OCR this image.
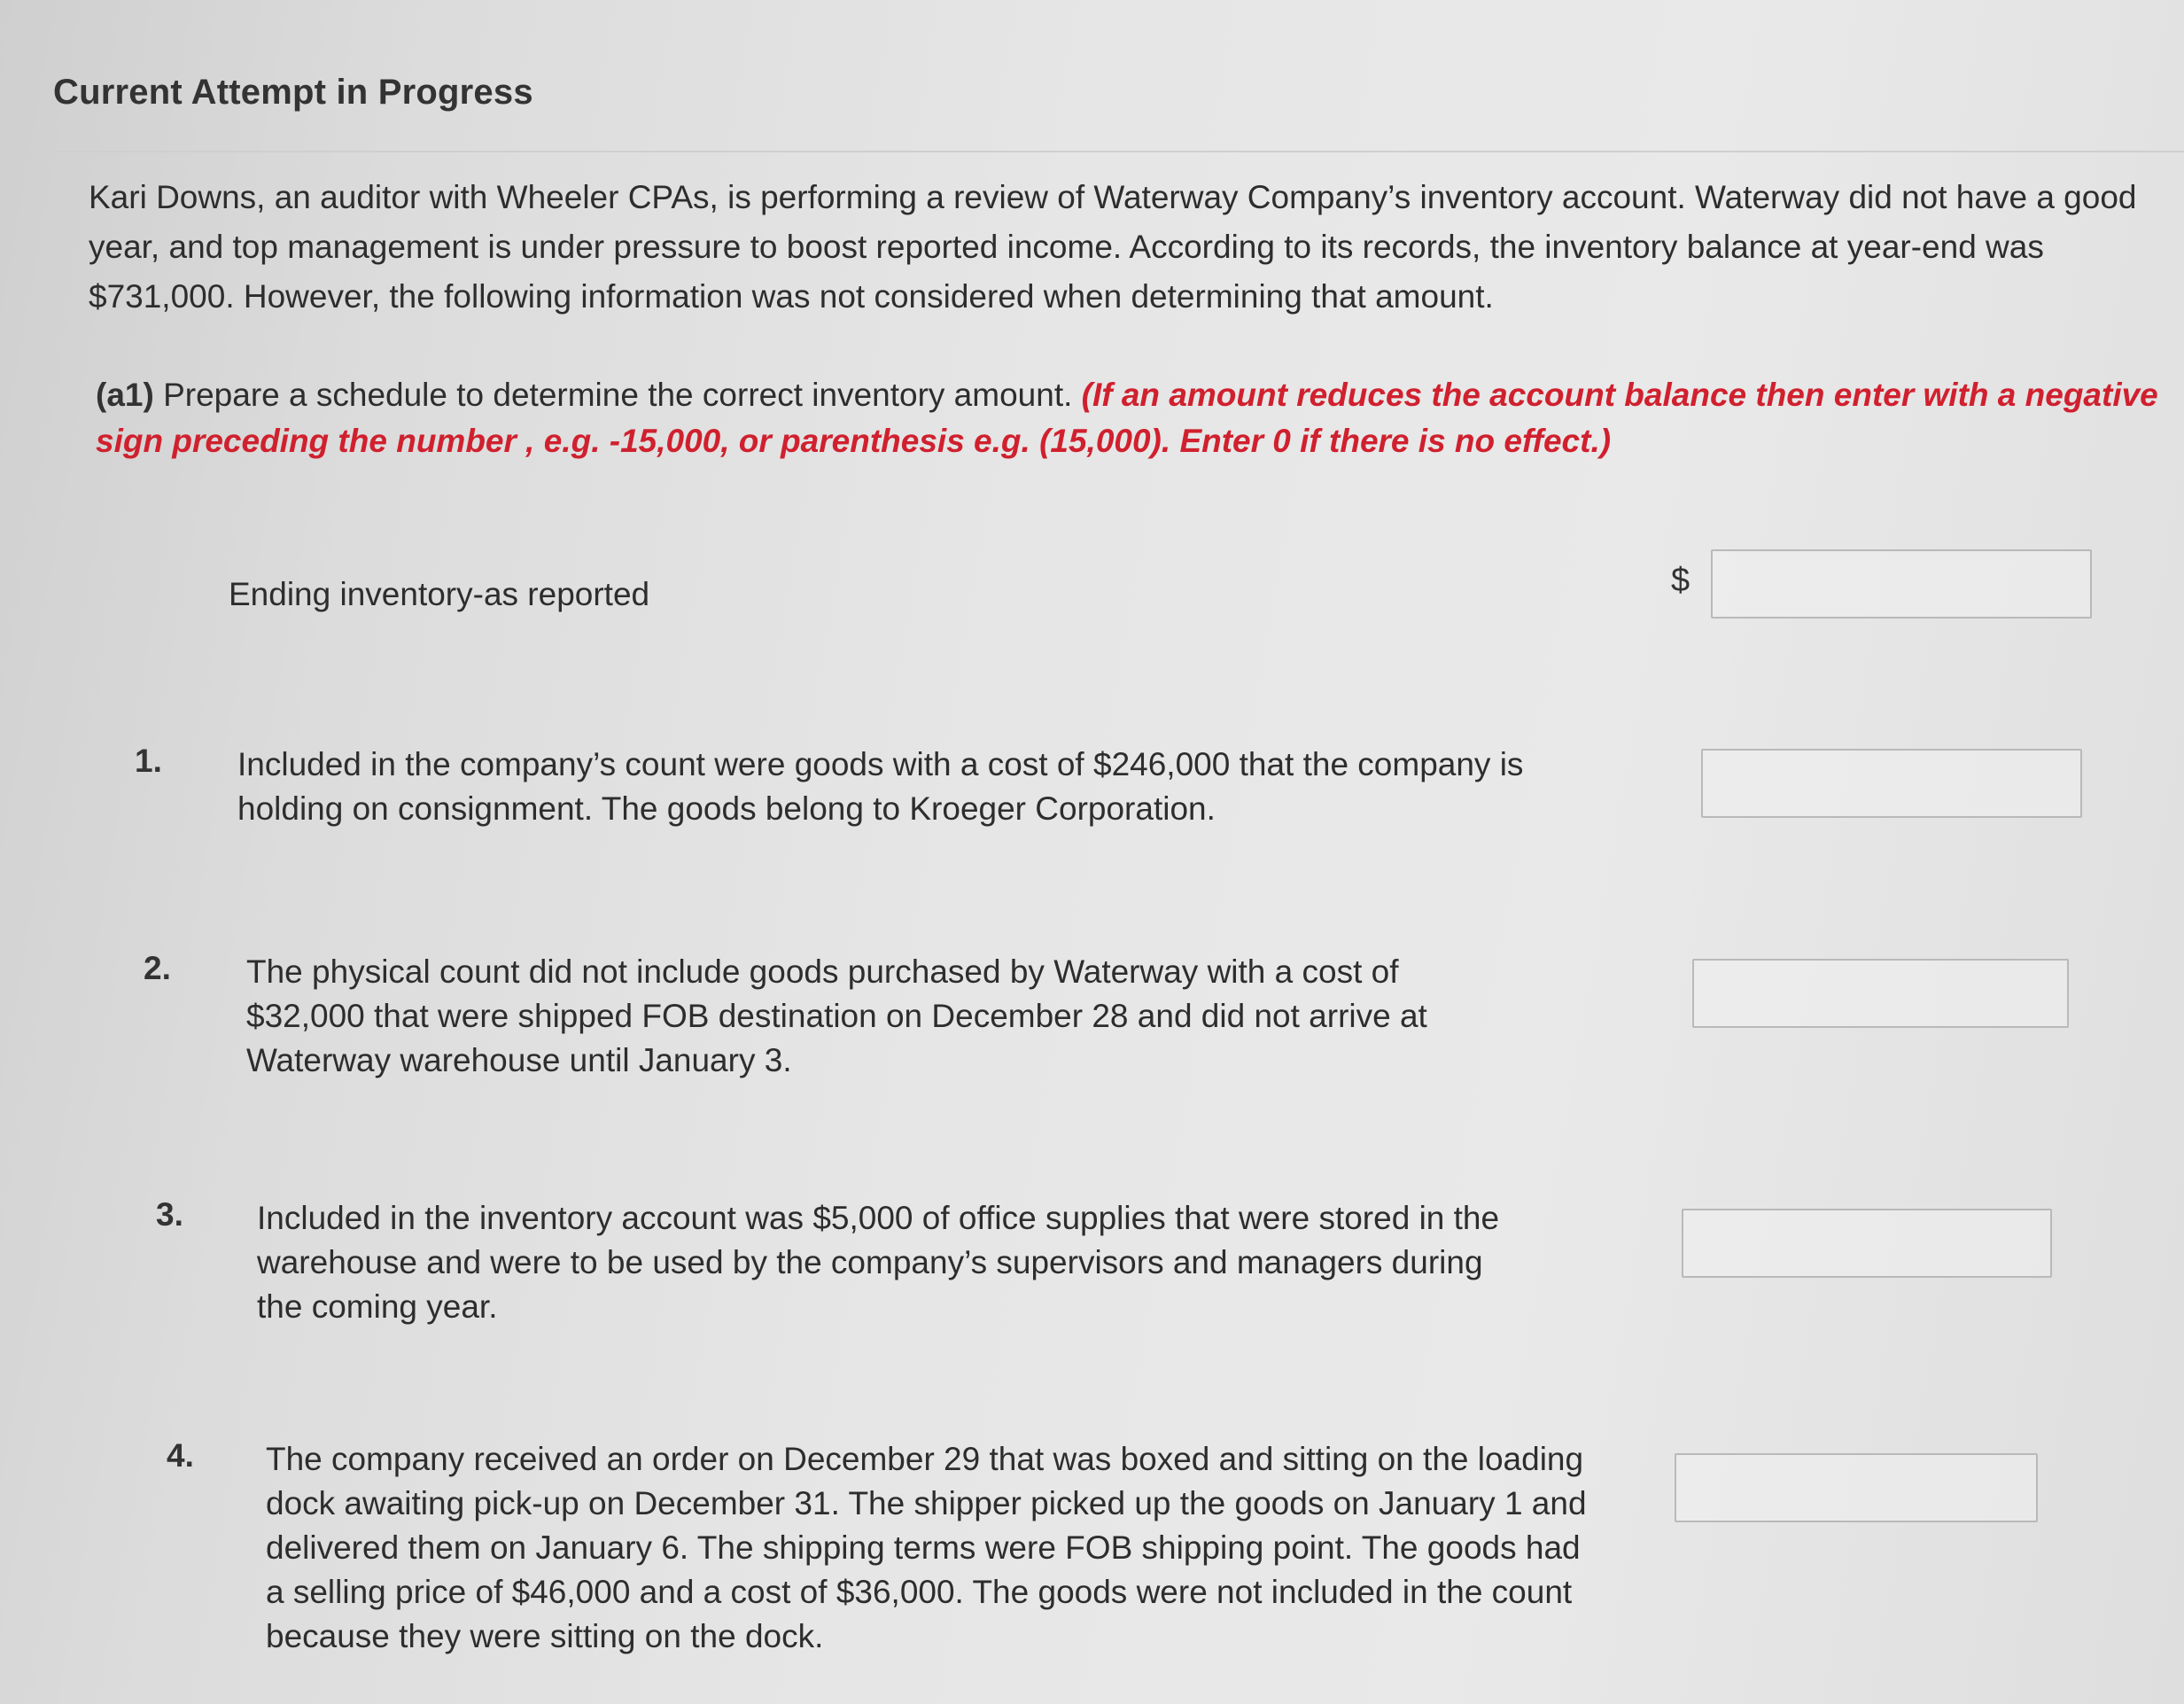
Current Attempt in Progress

Kari Downs, an auditor with Wheeler CPAs, is performing a review of Waterway Company’s inventory account. Waterway did not have a good year, and top management is under pressure to boost reported income. According to its records, the inventory balance at year-end was $731,000. However, the following information was not considered when determining that amount.

(a1) Prepare a schedule to determine the correct inventory amount. (If an amount reduces the account balance then enter with a negative sign preceding the number , e.g. -15,000, or parenthesis e.g. (15,000). Enter 0 if there is no effect.)

Ending inventory-as reported	$
1. Included in the company’s count were goods with a cost of $246,000 that the company is holding on consignment. The goods belong to Kroeger Corporation.

2. The physical count did not include goods purchased by Waterway with a cost of $32,000 that were shipped FOB destination on December 28 and did not arrive at Waterway warehouse until January 3.

3. Included in the inventory account was $5,000 of office supplies that were stored in the warehouse and were to be used by the company’s supervisors and managers during the coming year.

4. The company received an order on December 29 that was boxed and sitting on the loading dock awaiting pick-up on December 31. The shipper picked up the goods on January 1 and delivered them on January 6. The shipping terms were FOB shipping point. The goods had a selling price of $46,000 and a cost of $36,000. The goods were not included in the count because they were sitting on the dock.
